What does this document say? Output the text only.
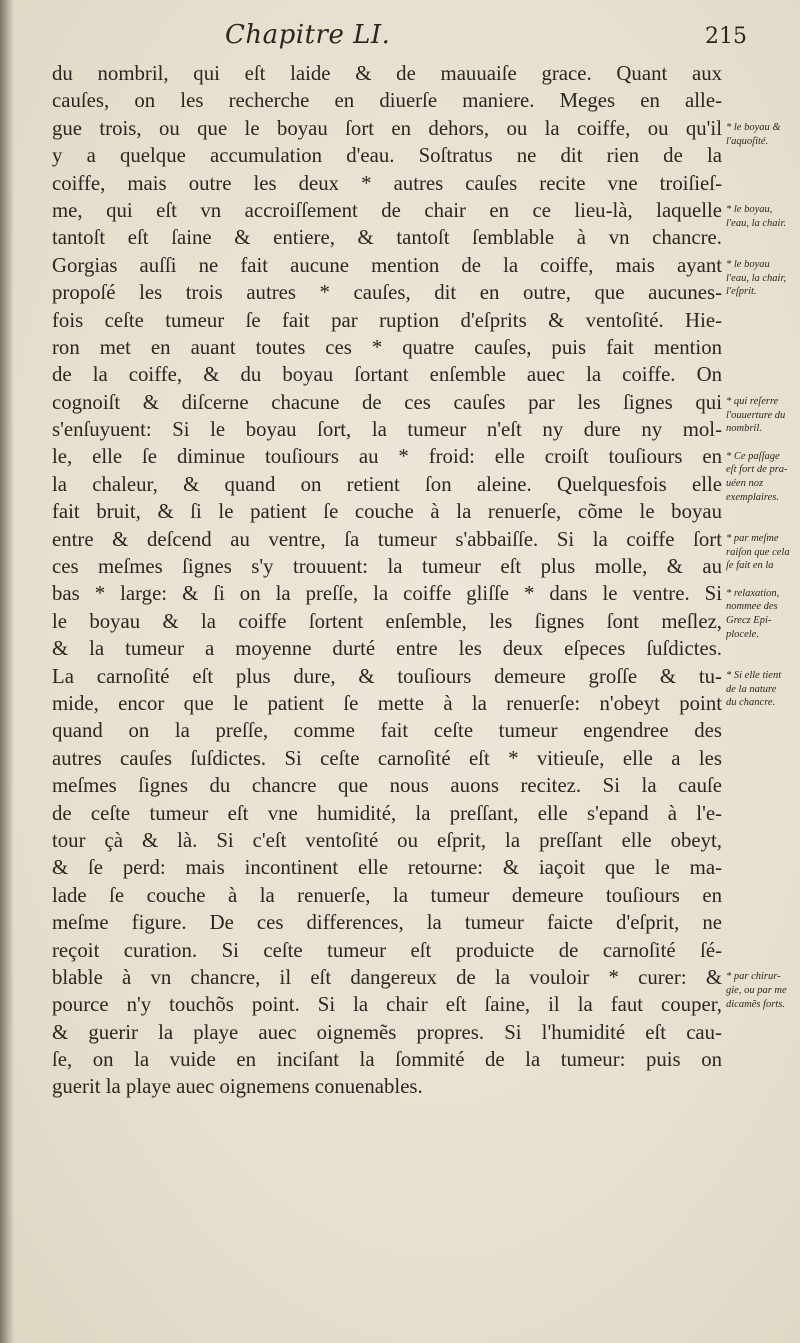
Chapitre LI.	215
du nombril, qui eſt laide & de mauuaiſe grace. Quant aux
cauſes, on les recherche en diuerſe maniere. Meges en alle-
gue trois, ou que le boyau ſort en dehors, ou la coiffe, ou qu'il
y a quelque accumulation d'eau. Soſtratus ne dit rien de la
coiffe, mais outre les deux * autres cauſes recite vne troiſieſ-
me, qui eſt vn accroiſſement de chair en ce lieu-là, laquelle
tantoſt eſt ſaine & entiere, & tantoſt ſemblable à vn chancre.
Gorgias auſſi ne fait aucune mention de la coiffe, mais ayant
propoſé les trois autres * cauſes, dit en outre, que aucunes-
fois ceſte tumeur ſe fait par ruption d'eſprits & ventoſité. Hie-
ron met en auant toutes ces * quatre cauſes, puis fait mention
de la coiffe, & du boyau ſortant enſemble auec la coiffe. On
cognoiſt & diſcerne chacune de ces cauſes par les ſignes qui
s'enſuyuent: Si le boyau ſort, la tumeur n'eſt ny dure ny mol-
le, elle ſe diminue touſiours au * froid: elle croiſt touſiours en
la chaleur, & quand on retient ſon aleine. Quelquesfois elle
fait bruit, & ſi le patient ſe couche à la renuerſe, cõme le boyau
entre & deſcend au ventre, ſa tumeur s'abbaiſſe. Si la coiffe ſort
ces meſmes ſignes s'y trouuent: la tumeur eſt plus molle, & au
bas * large: & ſi on la preſſe, la coiffe gliſſe * dans le ventre. Si
le boyau & la coiffe ſortent enſemble, les ſignes ſont meſlez,
& la tumeur a moyenne durté entre les deux eſpeces ſuſdictes.
La carnoſité eſt plus dure, & touſiours demeure groſſe & tu-
mide, encor que le patient ſe mette à la renuerſe: n'obeyt point
quand on la preſſe, comme fait ceſte tumeur engendree des
autres cauſes ſuſdictes. Si ceſte carnoſité eſt * vitieuſe, elle a les
meſmes ſignes du chancre que nous auons recitez. Si la cauſe
de ceſte tumeur eſt vne humidité, la preſſant, elle s'epand à l'e-
tour çà & là. Si c'eſt ventoſité ou eſprit, la preſſant elle obeyt,
& ſe perd: mais incontinent elle retourne: & iaçoit que le ma-
lade ſe couche à la renuerſe, la tumeur demeure touſiours en
meſme figure. De ces differences, la tumeur faicte d'eſprit, ne
reçoit curation. Si ceſte tumeur eſt produicte de carnoſité ſé-
blable à vn chancre, il eſt dangereux de la vouloir * curer: &
pource n'y touchõs point. Si la chair eſt ſaine, il la faut couper,
& guerir la playe auec oignemẽs propres. Si l'humidité eſt cau-
ſe, on la vuide en inciſant la ſommité de la tumeur: puis on
guerit la playe auec oignemens conuenables.
* le boyau &
l'aquoſité.
* le boyau,
l'eau, la chair.
* le boyau
l'eau, la chair,
l'eſprit.
* qui reſerre
l'ouuerture du
nombril.
* Ce paſſage
eſt fort de pra-
uéen noz
exemplaires.
* par meſme
raiſon que cela
ſe fait en la
* relaxation,
nommee des
Grecz Epi-
plocele.
* Si elle tient
de la nature
du chancre.
* par chirur-
gie, ou par me
dicamẽs forts.
